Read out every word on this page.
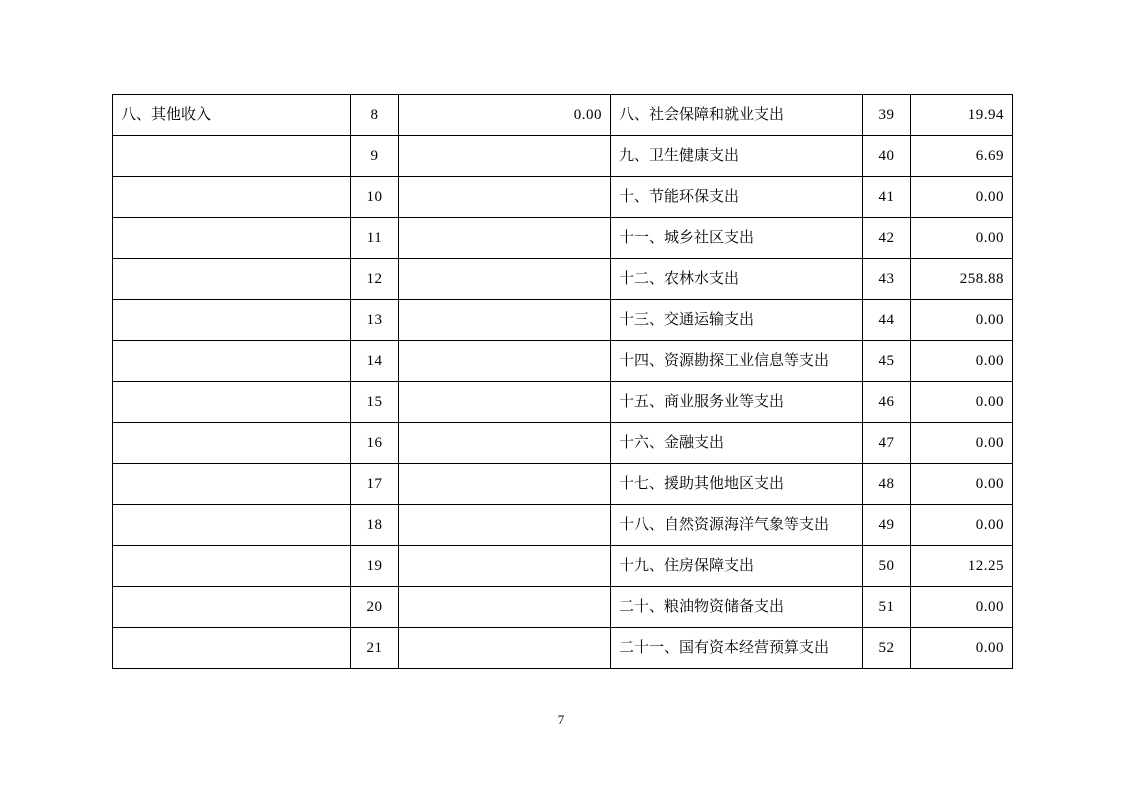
八、其他收入	8	0.00	八、社会保障和就业支出	39	19.94
	9		九、卫生健康支出	40	6.69
	10		十、节能环保支出	41	0.00
	11		十一、城乡社区支出	42	0.00
	12		十二、农林水支出	43	258.88
	13		十三、交通运输支出	44	0.00
	14		十四、资源勘探工业信息等支出	45	0.00
	15		十五、商业服务业等支出	46	0.00
	16		十六、金融支出	47	0.00
	17		十七、援助其他地区支出	48	0.00
	18		十八、自然资源海洋气象等支出	49	0.00
	19		十九、住房保障支出	50	12.25
	20		二十、粮油物资储备支出	51	0.00
	21		二十一、国有资本经营预算支出	52	0.00
7
